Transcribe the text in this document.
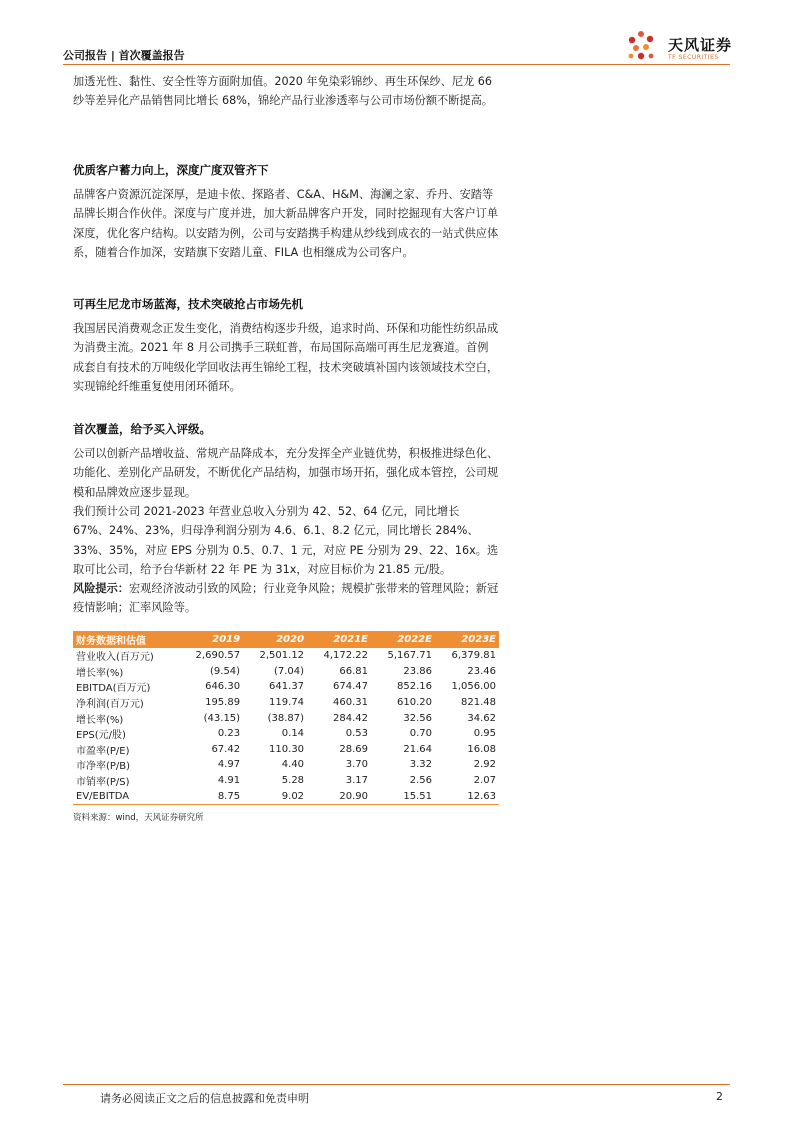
公司报告 | 首次覆盖报告
天风证券
TF SECURITIES

加透光性、黏性、安全性等方面附加值。2020 年免染彩锦纱、再生环保纱、尼龙 66 纱等差异化产品销售同比增长 68%，锦纶产品行业渗透率与公司市场份额不断提高。

优质客户蓄力向上，深度广度双管齐下

品牌客户资源沉淀深厚，是迪卡侬、探路者、C&A、H&M、海澜之家、乔丹、安踏等品牌长期合作伙伴。深度与广度并进，加大新品牌客户开发，同时挖掘现有大客户订单深度，优化客户结构。以安踏为例，公司与安踏携手构建从纱线到成衣的一站式供应体系，随着合作加深，安踏旗下安踏儿童、FILA 也相继成为公司客户。

可再生尼龙市场蓝海，技术突破抢占市场先机

我国居民消费观念正发生变化，消费结构逐步升级，追求时尚、环保和功能性纺织品成为消费主流。2021 年 8 月公司携手三联虹普，布局国际高端可再生尼龙赛道。首例成套自有技术的万吨级化学回收法再生锦纶工程，技术突破填补国内该领域技术空白，实现锦纶纤维重复使用闭环循环。

首次覆盖，给予买入评级。

公司以创新产品增收益、常规产品降成本，充分发挥全产业链优势，积极推进绿色化、功能化、差别化产品研发，不断优化产品结构，加强市场开拓，强化成本管控，公司规模和品牌效应逐步显现。

我们预计公司 2021-2023 年营业总收入分别为 42、52、64 亿元，同比增长 67%、24%、23%，归母净利润分别为 4.6、6.1、8.2 亿元，同比增长 284%、33%、35%，对应 EPS 分别为 0.5、0.7、1 元，对应 PE 分别为 29、22、16x。选取可比公司，给予台华新材 22 年 PE 为 31x，对应目标价为 21.85 元/股。

风险提示：宏观经济波动引致的风险；行业竞争风险；规模扩张带来的管理风险；新冠疫情影响；汇率风险等。

财务数据和估值	2019	2020	2021E	2022E	2023E
营业收入(百万元)	2,690.57	2,501.12	4,172.22	5,167.71	6,379.81
增长率(%)	(9.54)	(7.04)	66.81	23.86	23.46
EBITDA(百万元)	646.30	641.37	674.47	852.16	1,056.00
净利润(百万元)	195.89	119.74	460.31	610.20	821.48
增长率(%)	(43.15)	(38.87)	284.42	32.56	34.62
EPS(元/股)	0.23	0.14	0.53	0.70	0.95
市盈率(P/E)	67.42	110.30	28.69	21.64	16.08
市净率(P/B)	4.97	4.40	3.70	3.32	2.92
市销率(P/S)	4.91	5.28	3.17	2.56	2.07
EV/EBITDA	8.75	9.02	20.90	15.51	12.63
资料来源：wind，天风证券研究所
请务必阅读正文之后的信息披露和免责申明	2
